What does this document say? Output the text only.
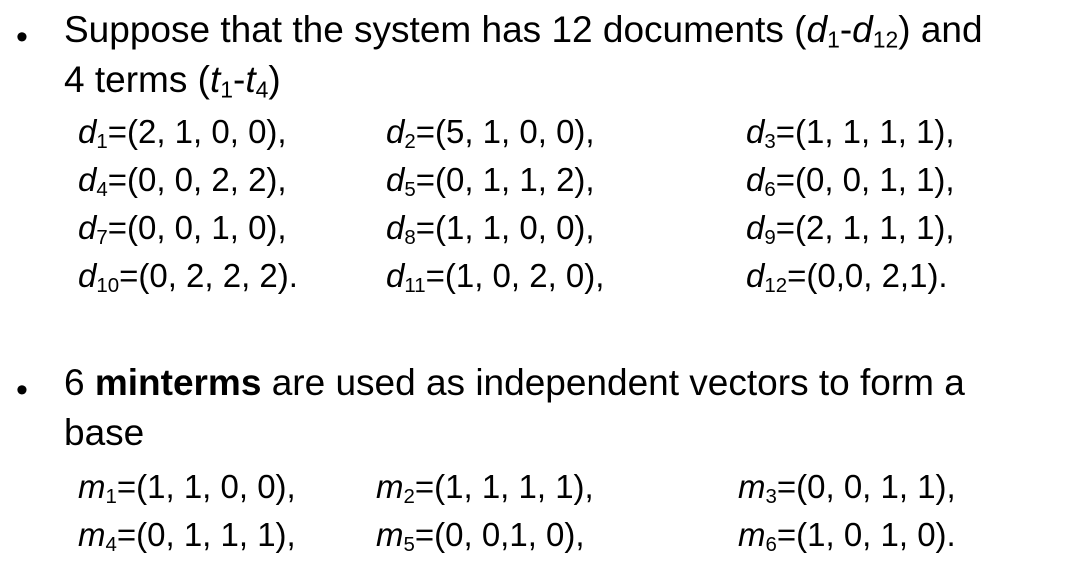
• Suppose that the system has 12 documents $(d_1-d_{12})$ and
4 terms $(t_1-t_4)$
$d_1=(2$, 1, 0, 0),	$d_2=(5$, 1, 0, 0),	$d_3=(1$, 1, 1, 1),
$d_4=(0$, 0, 2, 2),	$d_5=(0$, 1, 1, 2),	$d_6=(0$, 0, 1, 1),
$d_7=(0$, 0, 1, 0),	$d_8=(1$, 1, 0, 0),	$d_9=(2$, 1, 1, 1),
$d_{10}=(0$, 2, 2, 2).	$d_{11}=(1$, 0, 2, 0),	$d_{12}=(0,0$, 2,1).
• 6 minterms are used as independent vectors to form a
base
$m_1=(1$, 1, 0, 0), $m_2=(1$, 1, 1, 1),	$m_3=(0$, 0, 1, 1),
$m_4=(0$, 1, 1, 1), $m_5=(0$, 0,1, 0),	$m_6=(1$, 0, 1, 0).
